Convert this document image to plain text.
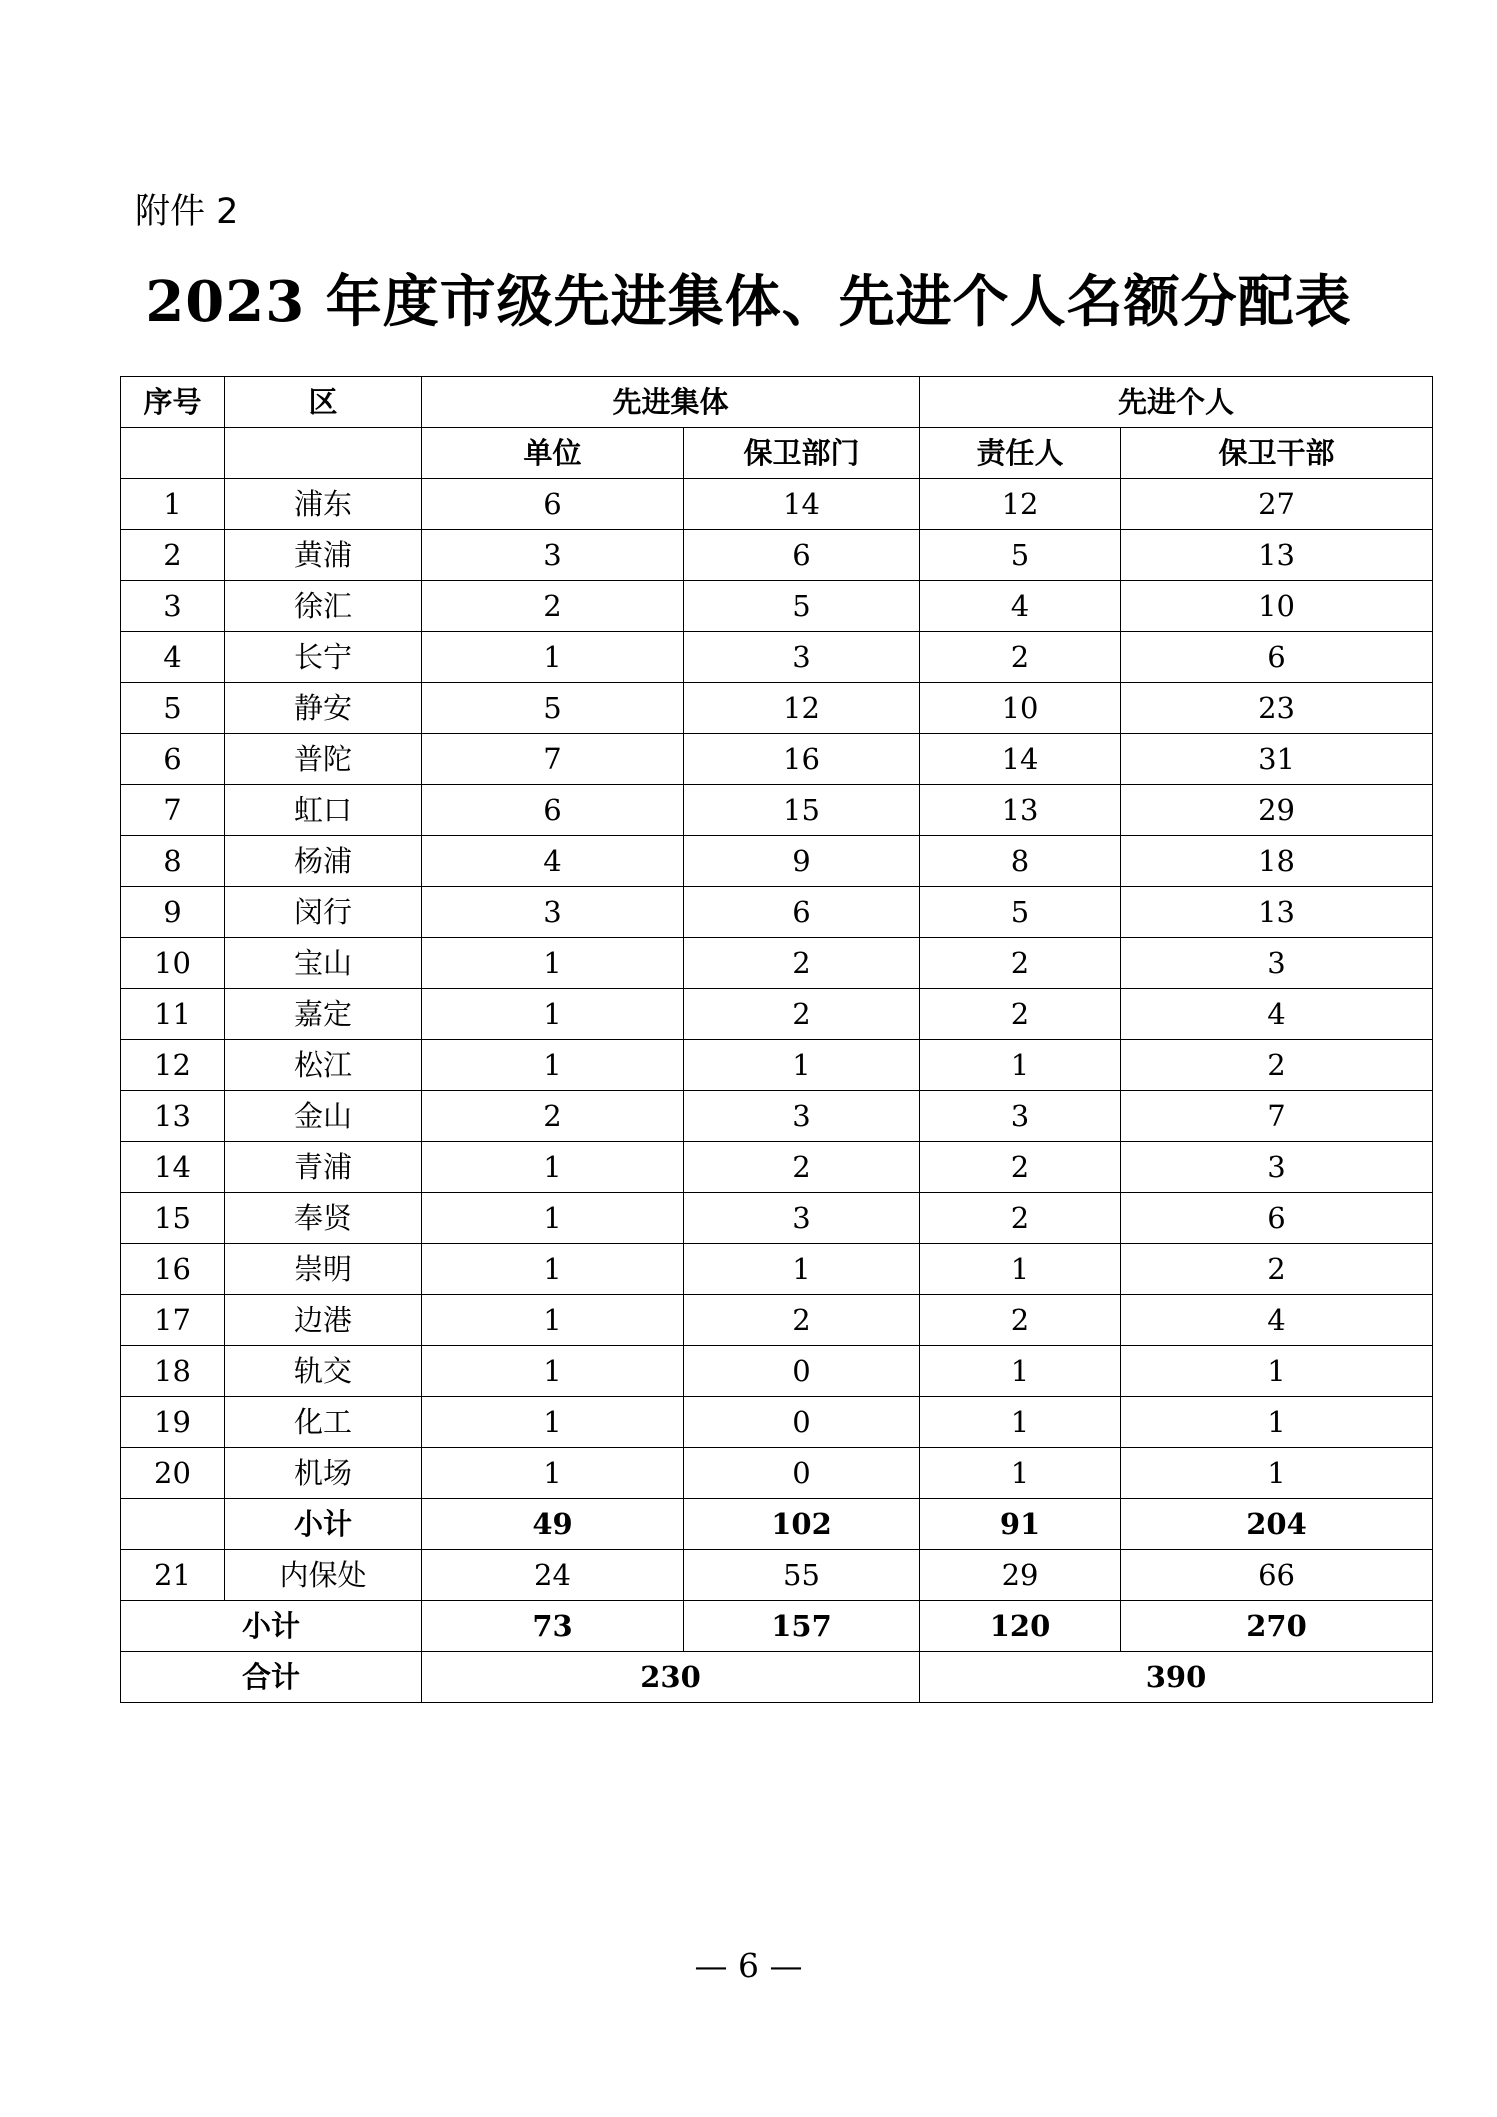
附件 2
2023 年度市级先进集体、先进个人名额分配表
序号	区	先进集体		先进个人	
		单位	保卫部门	责任人	保卫干部
1	浦东	6	14	12	27
2	黄浦	3	6	5	13
3	徐汇	2	5	4	10
4	长宁	1	3	2	6
5	静安	5	12	10	23
6	普陀	7	16	14	31
7	虹口	6	15	13	29
8	杨浦	4	9	8	18
9	闵行	3	6	5	13
10	宝山	1	2	2	3
11	嘉定	1	2	2	4
12	松江	1	1	1	2
13	金山	2	3	3	7
14	青浦	1	2	2	3
15	奉贤	1	3	2	6
16	崇明	1	1	1	2
17	边港	1	2	2	4
18	轨交	1	0	1	1
19	化工	1	0	1	1
20	机场	1	0	1	1
	小计	49	102	91	204
21	内保处	24	55	29	66
小计		73	157	120	270
合计		230		390	
— 6 —
